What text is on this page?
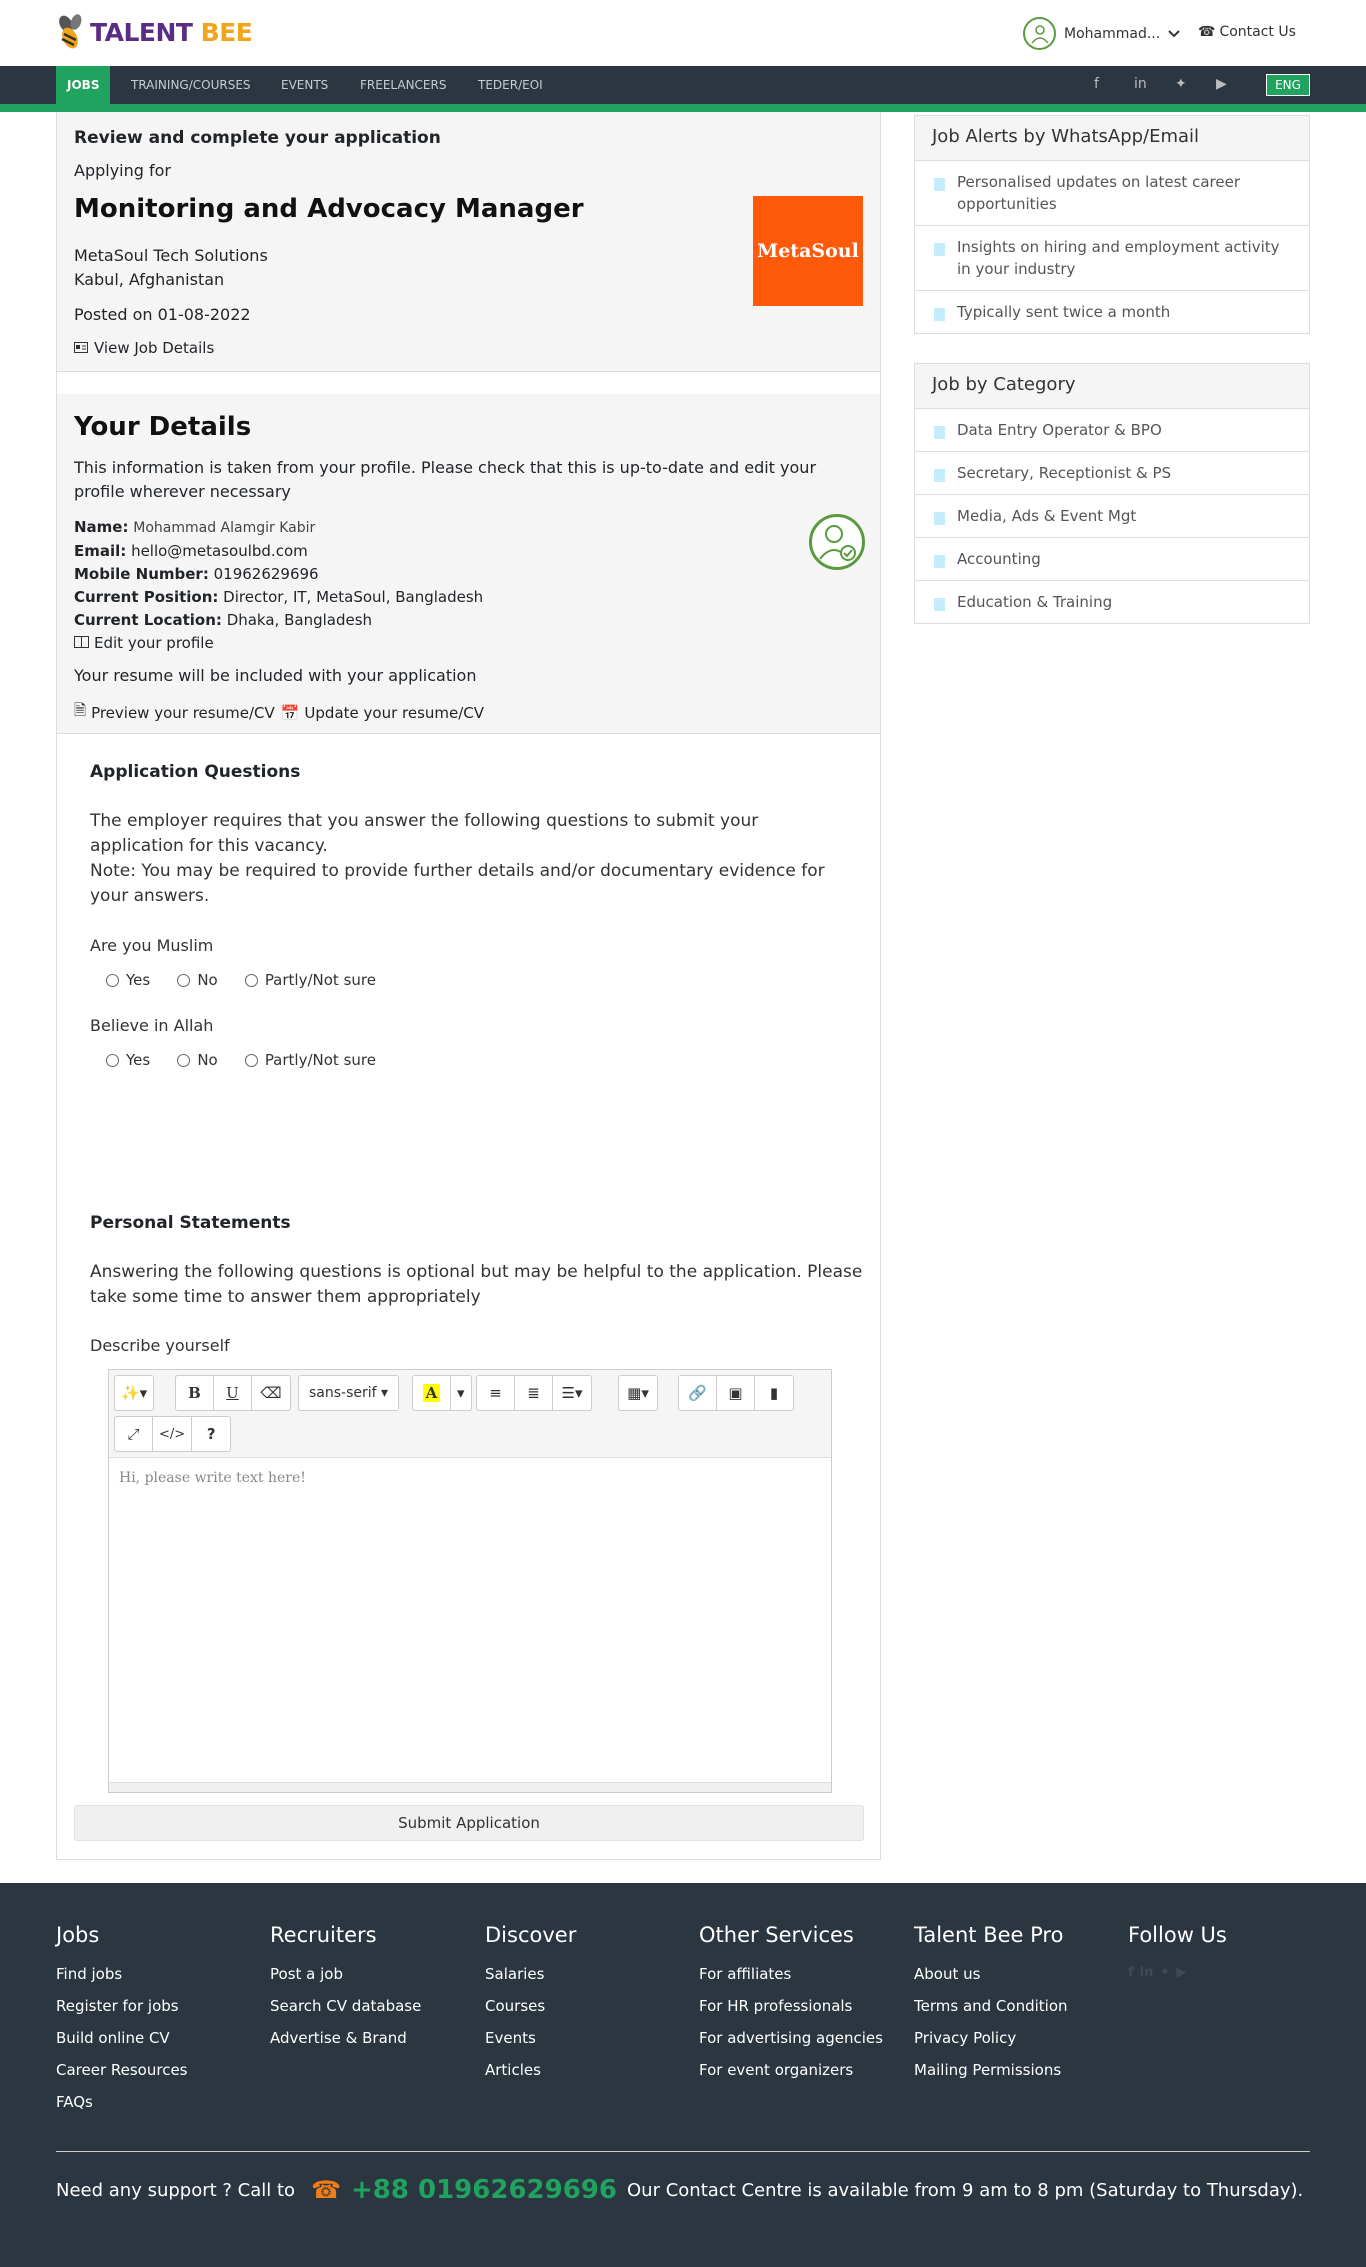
TALENT BEE	Mohammad...	☎ Contact Us
JOBS	TRAINING/COURSES	EVENTS	FREELANCERS	TEDER/EOI	f	in ✦ ▶	ENG
Review and complete your application
Applying for
Monitoring and Advocacy Manager
MetaSoul Tech Solutions
Kabul, Afghanistan
Posted on 01-08-2022
View Job Details
MetaSoul
Your Details
This information is taken from your profile. Please check that this is up-to-date and edit your profile wherever necessary
Name: Mohammad Alamgir Kabir
Email: hello@metasoulbd.com
Mobile Number: 01962629696
Current Position: Director, IT, MetaSoul, Bangladesh
Current Location: Dhaka, Bangladesh
Edit your profile
Your resume will be included with your application
🗎 Preview your resume/CV 📅 Update your resume/CV
Application Questions
The employer requires that you answer the following questions to submit your application for this vacancy.
Note: You may be required to provide further details and/or documentary evidence for your answers.
Are you Muslim
Yes
	No
	Partly/Not sure
Believe in Allah
Yes
	No
	Partly/Not sure
Personal Statements
Answering the following questions is optional but may be helpful to the application. Please take some time to answer them appropriately
Describe yourself
✨▾	B	U	⌫	sans-serif ▾	A	▾	≡	≣	☰▾	▦▾	🔗	▣	▮
⤢	</>	?
Hi, please write text here!
Submit Application
Job Alerts by WhatsApp/Email
Personalised updates on latest career opportunities
Insights on hiring and employment activity in your industry
Typically sent twice a month
Job by Category
Data Entry Operator & BPO
Secretary, Receptionist & PS
Media, Ads & Event Mgt
Accounting
Education & Training
Jobs
Find jobs
Register for jobs
Build online CV
Career Resources
FAQs
Recruiters
Post a job
Search CV database
Advertise & Brand
Discover
Salaries
Courses
Events
Articles
Other Services
For affiliates
For HR professionals
For advertising agencies
For event organizers
Talent Bee Pro
About us
Terms and Condition
Privacy Policy
Mailing Permissions
Follow Us
f in ✦ ▶
Need any support ? Call to ☎ +88 01962629696 Our Contact Centre is available from 9 am to 8 pm (Saturday to Thursday).
